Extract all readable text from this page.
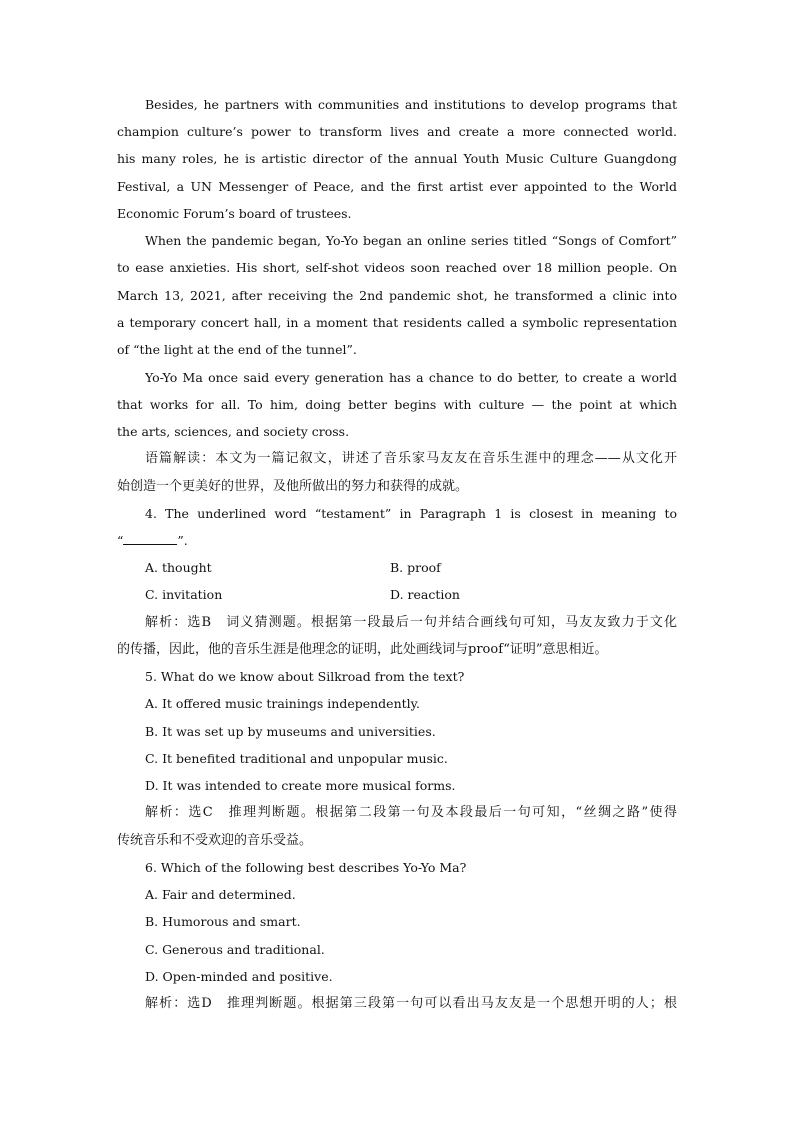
Besides, he partners with communities and institutions to develop programs that
champion culture’s power to transform lives and create a more connected world.
his many roles, he is artistic director of the annual Youth Music Culture Guangdong
Festival, a UN Messenger of Peace, and the first artist ever appointed to the World
Economic Forum’s board of trustees.
When the pandemic began, Yo-Yo began an online series titled “Songs of Comfort”
to ease anxieties. His short, self-shot videos soon reached over 18 million people. On
March 13, 2021, after receiving the 2nd pandemic shot, he transformed a clinic into
a temporary concert hall, in a moment that residents called a symbolic representation
of “the light at the end of the tunnel”.
Yo-Yo Ma once said every generation has a chance to do better, to create a world
that works for all. To him, doing better begins with culture — the point at which
the arts, sciences, and society cross.
语篇解读：本文为一篇记叙文，讲述了音乐家马友友在音乐生涯中的理念——从文化开
始创造一个更美好的世界，及他所做出的努力和获得的成就。
4. The underlined word “testament” in Paragraph 1 is closest in meaning to
“	”.
A. thought	B. proof
C. invitation	D. reaction
解析：选B　词义猜测题。根据第一段最后一句并结合画线句可知，马友友致力于文化
的传播，因此，他的音乐生涯是他理念的证明，此处画线词与proof“证明”意思相近。
5. What do we know about Silkroad from the text?
A. It offered music trainings independently.
B. It was set up by museums and universities.
C. It benefited traditional and unpopular music.
D. It was intended to create more musical forms.
解析：选C　推理判断题。根据第二段第一句及本段最后一句可知，“丝绸之路”使得
传统音乐和不受欢迎的音乐受益。
6. Which of the following best describes Yo-Yo Ma?
A. Fair and determined.
B. Humorous and smart.
C. Generous and traditional.
D. Open-minded and positive.
解析：选D　推理判断题。根据第三段第一句可以看出马友友是一个思想开明的人；根
